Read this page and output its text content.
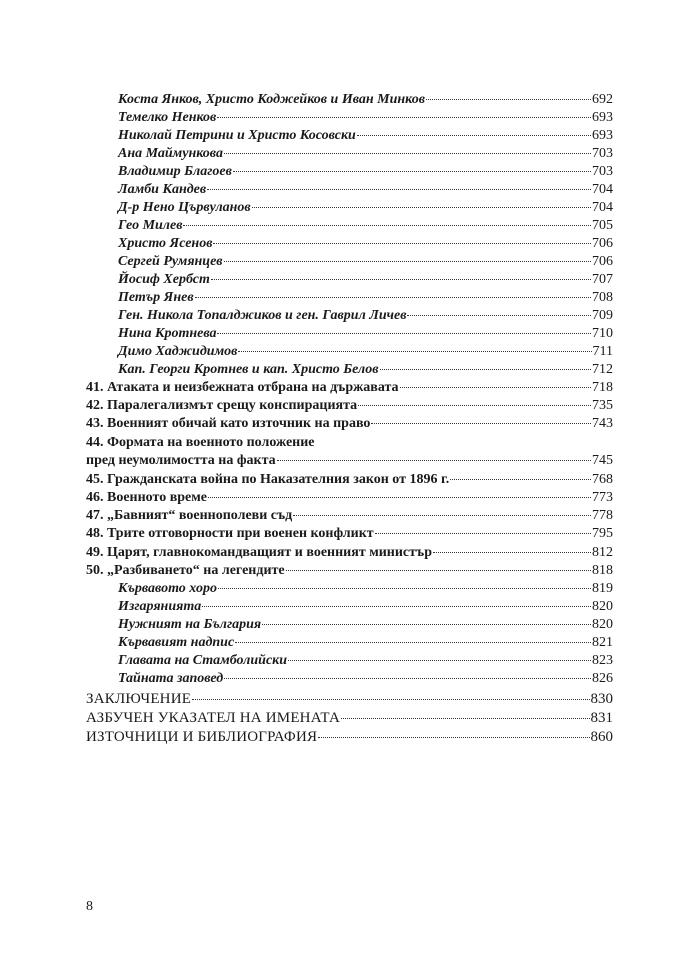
Коста Янков, Христо Коджейков и Иван Минков	692
Темелко Ненков	693
Николай Петрини и Христо Косовски	693
Ана Маймункова	703
Владимир Благоев	703
Ламби Кандев	704
Д-р Нено Цървуланов	704
Гео Милев	705
Христо Ясенов	706
Сергей Румянцев	706
Йосиф Хербст	707
Петър Янев	708
Ген. Никола Топалджиков и ген. Гаврил Личев	709
Нина Кротнева	710
Димо Хаджидимов	711
Кап. Георги Кротнев и кап. Христо Белов	712
41. Атаката и неизбежната отбрана на държавата	718
42. Паралегализмът срещу конспирацията	735
43. Военният обичай като източник на право	743
44. Формата на военното положение
пред неумолимостта на факта	745
45. Гражданската война по Наказателния закон от 1896 г.	768
46. Военното време	773
47. „Бавният“ военнополеви съд	778
48. Трите отговорности при военен конфликт	795
49. Царят, главнокомандващият и военният министър	812
50. „Разбиването“ на легендите	818
Кървавото хоро	819
Изгарянията	820
Нужният на България	820
Кървавият надпис	821
Главата на Стамболийски	823
Тайната заповед	826
ЗАКЛЮЧЕНИЕ	830
АЗБУЧЕН УКАЗАТЕЛ НА ИМЕНАТА	831
ИЗТОЧНИЦИ И БИБЛИОГРАФИЯ	860
8
